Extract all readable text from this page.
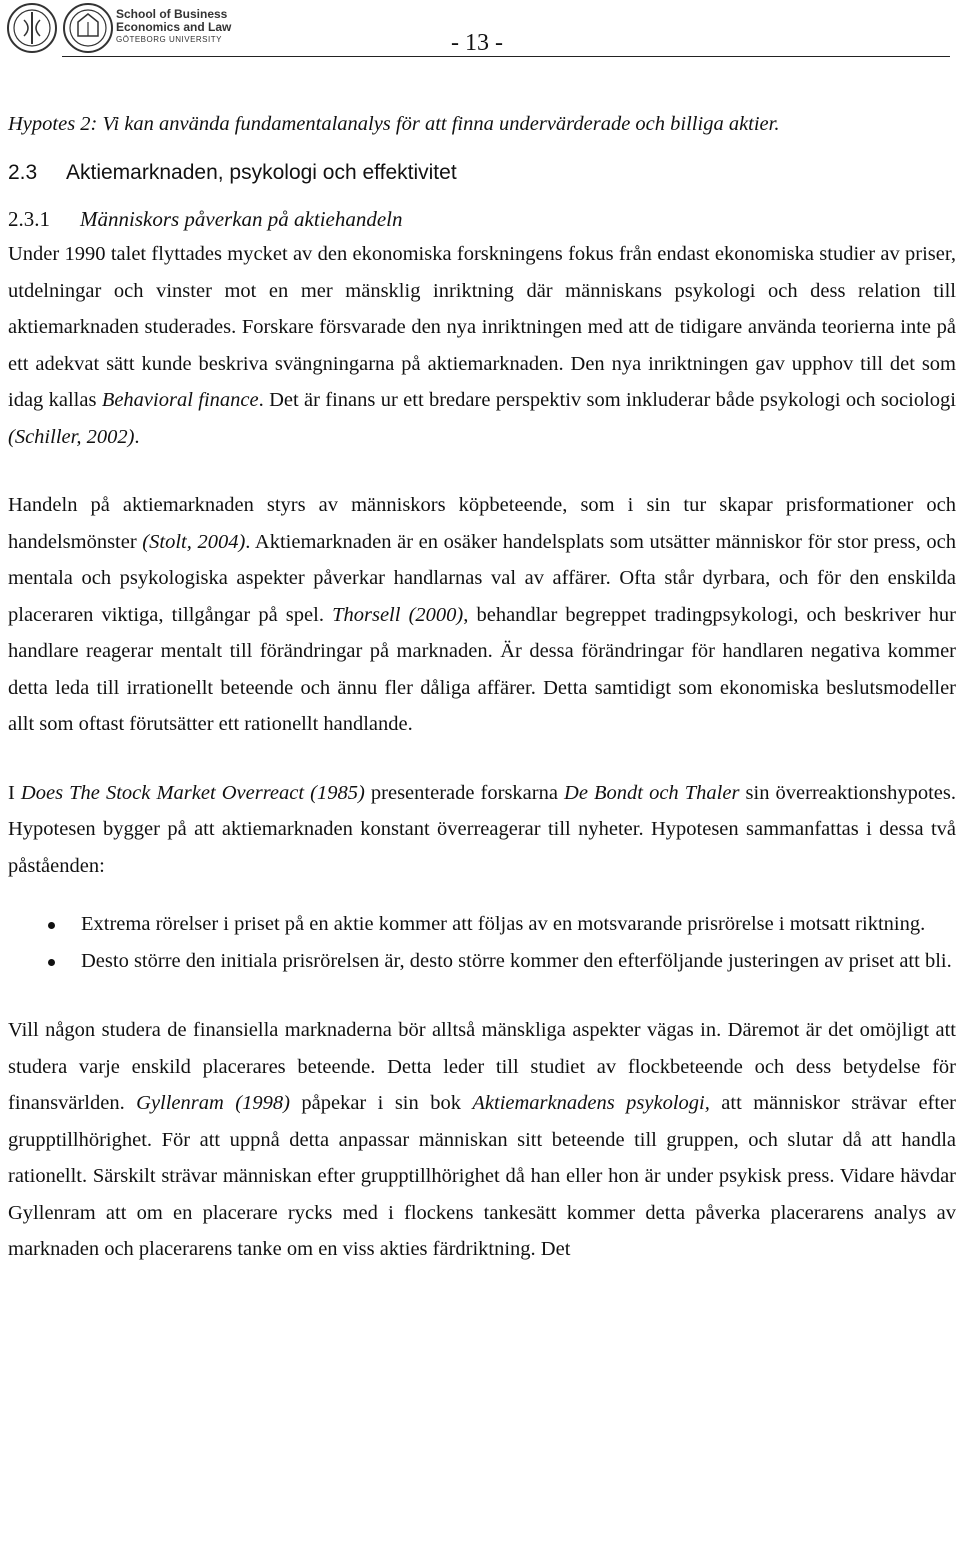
School of Business
Economics and Law
GÖTEBORG UNIVERSITY	- 13 -

Hypotes 2: Vi kan använda fundamentalanalys för att finna undervärderade och billiga aktier.

2.3 Aktiemarknaden, psykologi och effektivitet
2.3.1 Människors påverkan på aktiehandeln

Under 1990 talet flyttades mycket av den ekonomiska forskningens fokus från endast ekonomiska studier av priser, utdelningar och vinster mot en mer mänsklig inriktning där människans psykologi och dess relation till aktiemarknaden studerades. Forskare försvarade den nya inriktningen med att de tidigare använda teorierna inte på ett adekvat sätt kunde beskriva svängningarna på aktiemarknaden. Den nya inriktningen gav upphov till det som idag kallas Behavioral finance. Det är finans ur ett bredare perspektiv som inkluderar både psykologi och sociologi (Schiller, 2002).

Handeln på aktiemarknaden styrs av människors köpbeteende, som i sin tur skapar prisformationer och handelsmönster (Stolt, 2004). Aktiemarknaden är en osäker handelsplats som utsätter människor för stor press, och mentala och psykologiska aspekter påverkar handlarnas val av affärer. Ofta står dyrbara, och för den enskilda placeraren viktiga, tillgångar på spel. Thorsell (2000), behandlar begreppet tradingpsykologi, och beskriver hur handlare reagerar mentalt till förändringar på marknaden. Är dessa förändringar för handlaren negativa kommer detta leda till irrationellt beteende och ännu fler dåliga affärer. Detta samtidigt som ekonomiska beslutsmodeller allt som oftast förutsätter ett rationellt handlande.

I Does The Stock Market Overreact (1985) presenterade forskarna De Bondt och Thaler sin överreaktionshypotes. Hypotesen bygger på att aktiemarknaden konstant överreagerar till nyheter. Hypotesen sammanfattas i dessa två påståenden:

Extrema rörelser i priset på en aktie kommer att följas av en motsvarande prisrörelse i motsatt riktning.
Desto större den initiala prisrörelsen är, desto större kommer den efterföljande justeringen av priset att bli.

Vill någon studera de finansiella marknaderna bör alltså mänskliga aspekter vägas in. Däremot är det omöjligt att studera varje enskild placerares beteende. Detta leder till studiet av flockbeteende och dess betydelse för finansvärlden. Gyllenram (1998) påpekar i sin bok Aktiemarknadens psykologi, att människor strävar efter grupptillhörighet. För att uppnå detta anpassar människan sitt beteende till gruppen, och slutar då att handla rationellt. Särskilt strävar människan efter grupptillhörighet då han eller hon är under psykisk press. Vidare hävdar Gyllenram att om en placerare rycks med i flockens tankesätt kommer detta påverka placerarens analys av marknaden och placerarens tanke om en viss akties färdriktning. Det
